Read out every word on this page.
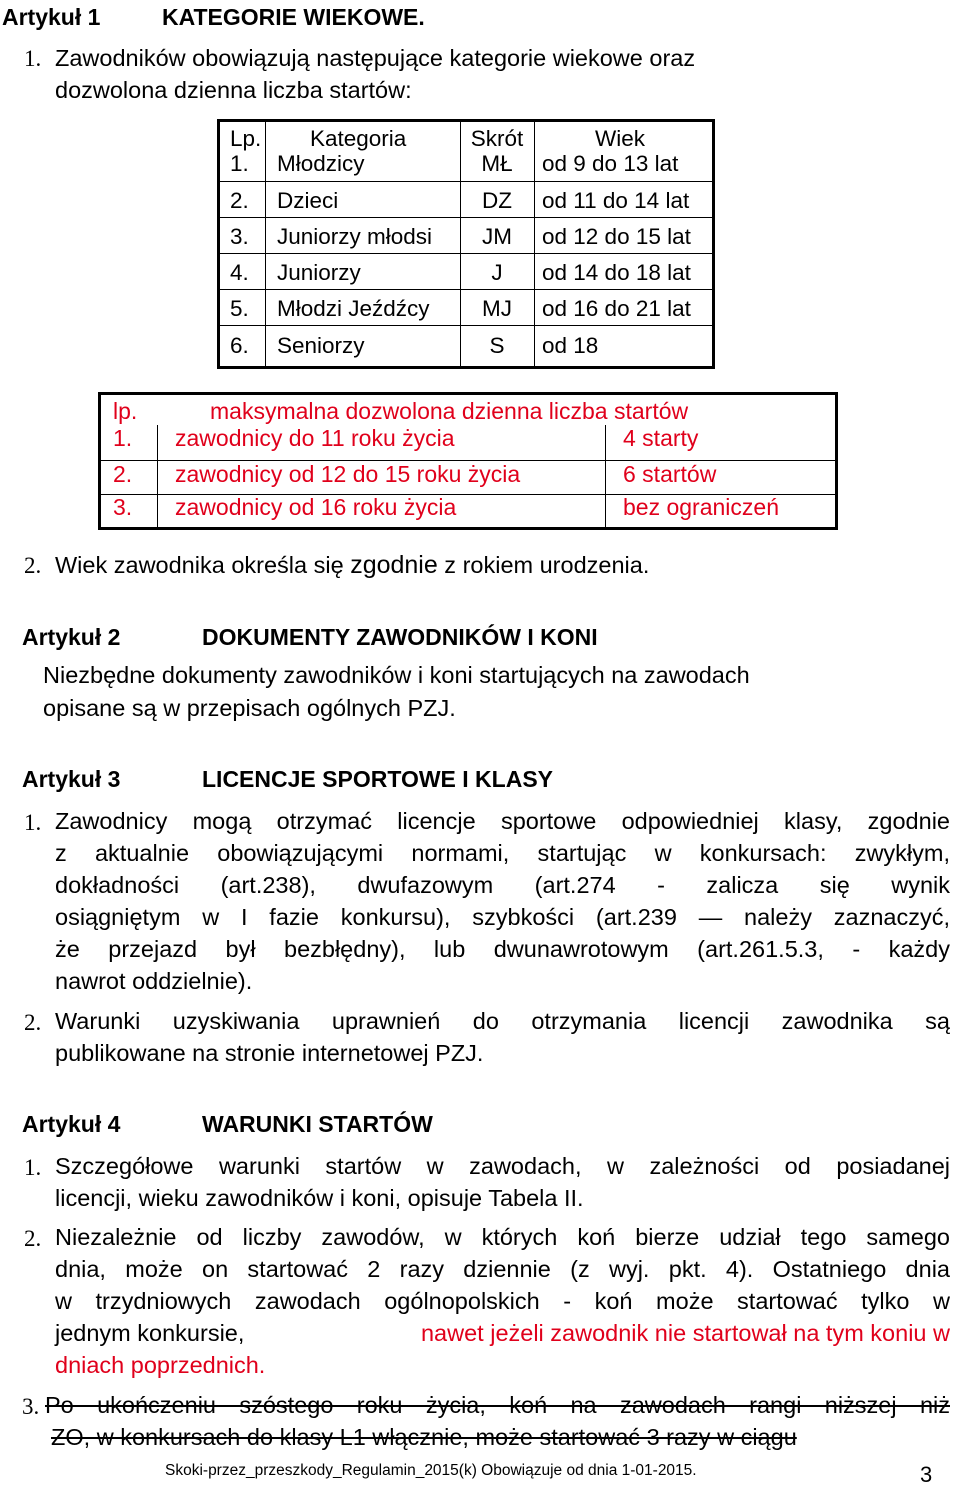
Artykuł 1	KATEGORIE WIEKOWE.
1. Zawodników obowiązują następujące kategorie wiekowe oraz
dozwolona dzienna liczba startów:
Lp. Kategoria	Skrót	Wiek
1. Młodzicy	MŁ	od 9 do 13 lat
2. Dzieci	DZ	od 11 do 14 lat
3. Juniorzy młodsi	JM	od 12 do 15 lat
4. Juniorzy	J	od 14 do 18 lat
5. Młodzi Jeźdźcy	MJ	od 16 do 21 lat
6. Seniorzy	S	od 18
lp.	maksymalna dozwolona dzienna liczba startów
1. zawodnicy do 11 roku życia	4 starty
2. zawodnicy od 12 do 15 roku życia	6 startów
3. zawodnicy od 16 roku życia	bez ograniczeń
2. Wiek zawodnika określa się zgodnie z rokiem urodzenia.
Artykuł 2	DOKUMENTY ZAWODNIKÓW I KONI
Niezbędne dokumenty zawodników i koni startujących na zawodach
opisane są w przepisach ogólnych PZJ.
Artykuł 3	LICENCJE SPORTOWE I KLASY
1. Zawodnicy mogą otrzymać licencje sportowe odpowiedniej klasy, zgodnie
z aktualnie obowiązującymi normami, startując w konkursach: zwykłym,
dokładności (art.238), dwufazowym (art.274 - zalicza się wynik
osiągniętym w I fazie konkursu), szybkości (art.239 — należy zaznaczyć,
że przejazd był bezbłędny), lub dwunawrotowym (art.261.5.3, - każdy
nawrot oddzielnie).
2. Warunki uzyskiwania uprawnień do otrzymania licencji zawodnika są
publikowane na stronie internetowej PZJ.
Artykuł 4	WARUNKI STARTÓW
1. Szczegółowe warunki startów w zawodach, w zależności od posiadanej
licencji, wieku zawodników i koni, opisuje Tabela II.
2. Niezależnie od liczby zawodów, w których koń bierze udział tego samego
dnia, może on startować 2 razy dziennie (z wyj. pkt. 4). Ostatniego dnia
w trzydniowych zawodach ogólnopolskich - koń może startować tylko w
jednym konkursie,	nawet jeżeli zawodnik nie startował na tym koniu w
dniach poprzednich.
3. Po ukończeniu szóstego roku życia, koń na zawodach rangi niższej niż
ZO, w konkursach do klasy L1 włącznie, może startować 3 razy w ciągu
Skoki-przez_przeszkody_Regulamin_2015(k) Obowiązuje od dnia 1-01-2015.	3
